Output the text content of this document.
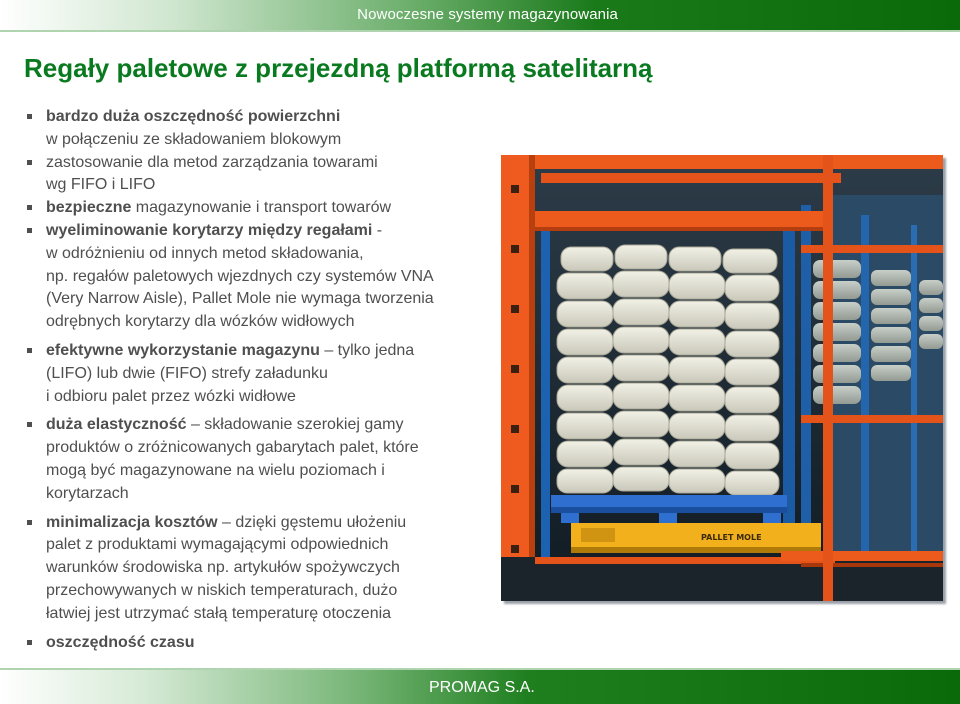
Nowoczesne systemy magazynowania
Regały paletowe z przejezdną platformą satelitarną
bardzo duża oszczędność powierzchni
w połączeniu ze składowaniem blokowym
zastosowanie dla metod zarządzania towarami
wg FIFO i LIFO
bezpieczne magazynowanie i transport towarów
wyeliminowanie korytarzy między regałami -
w odróżnieniu od innych metod składowania,
np. regałów paletowych wjezdnych czy systemów VNA
(Very Narrow Aisle), Pallet Mole nie wymaga tworzenia
odrębnych korytarzy dla wózków widłowych
efektywne wykorzystanie magazynu – tylko jedna
(LIFO) lub dwie (FIFO) strefy załadunku
i odbioru palet przez wózki widłowe
duża elastyczność – składowanie szerokiej gamy
produktów o zróżnicowanych gabarytach palet, które
mogą być magazynowane na wielu poziomach i
korytarzach
minimalizacja kosztów – dzięki gęstemu ułożeniu
palet z produktami wymagającymi odpowiednich
warunków środowiska np. artykułów spożywczych
przechowywanych w niskich temperaturach, dużo
łatwiej jest utrzymać stałą temperaturę otoczenia
oszczędność czasu
PALLET MOLE
PROMAG S.A.
